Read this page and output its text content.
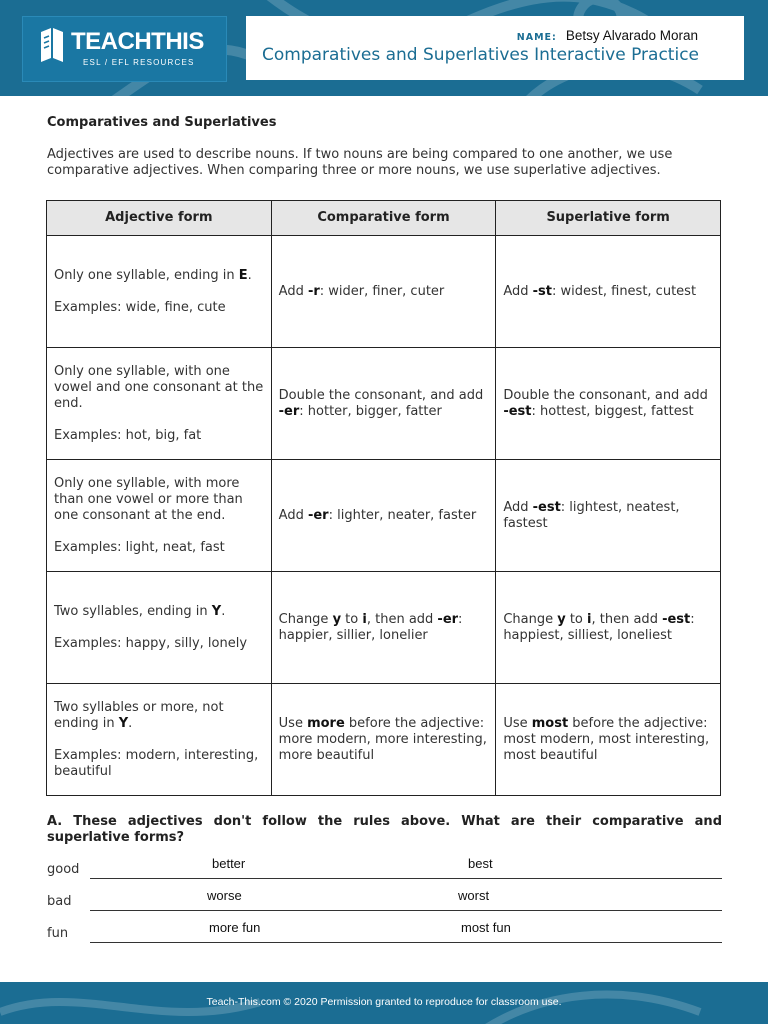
TEACHTHIS
ESL / EFL RESOURCES
NAME: Betsy Alvarado Moran
Comparatives and Superlatives Interactive Practice
Comparatives and Superlatives
Adjectives are used to describe nouns. If two nouns are being compared to one another, we use comparative adjectives. When comparing three or more nouns, we use superlative adjectives.
Adjective form	Comparative form	Superlative form
Only one syllable, ending in E.
Examples: wide, fine, cute	Add -r: wider, finer, cuter	Add -st: widest, finest, cutest
Only one syllable, with one vowel and one consonant at the end.
Examples: hot, big, fat	Double the consonant, and add -er: hotter, bigger, fatter	Double the consonant, and add -est: hottest, biggest, fattest
Only one syllable, with more than one vowel or more than one consonant at the end.
Examples: light, neat, fast	Add -er: lighter, neater, faster	Add -est: lightest, neatest, fastest
Two syllables, ending in Y.
Examples: happy, silly, lonely	Change y to i, then add -er: happier, sillier, lonelier	Change y to i, then add -est: happiest, silliest, loneliest
Two syllables or more, not ending in Y.
Examples: modern, interesting, beautiful	Use more before the adjective: more modern, more interesting, more beautiful	Use most before the adjective: most modern, most interesting, most beautiful
A. These adjectives don't follow the rules above. What are their comparative and superlative forms?
good	better	best
bad	worse	worst
fun	more fun	most fun
Teach-This.com © 2020 Permission granted to reproduce for classroom use.
